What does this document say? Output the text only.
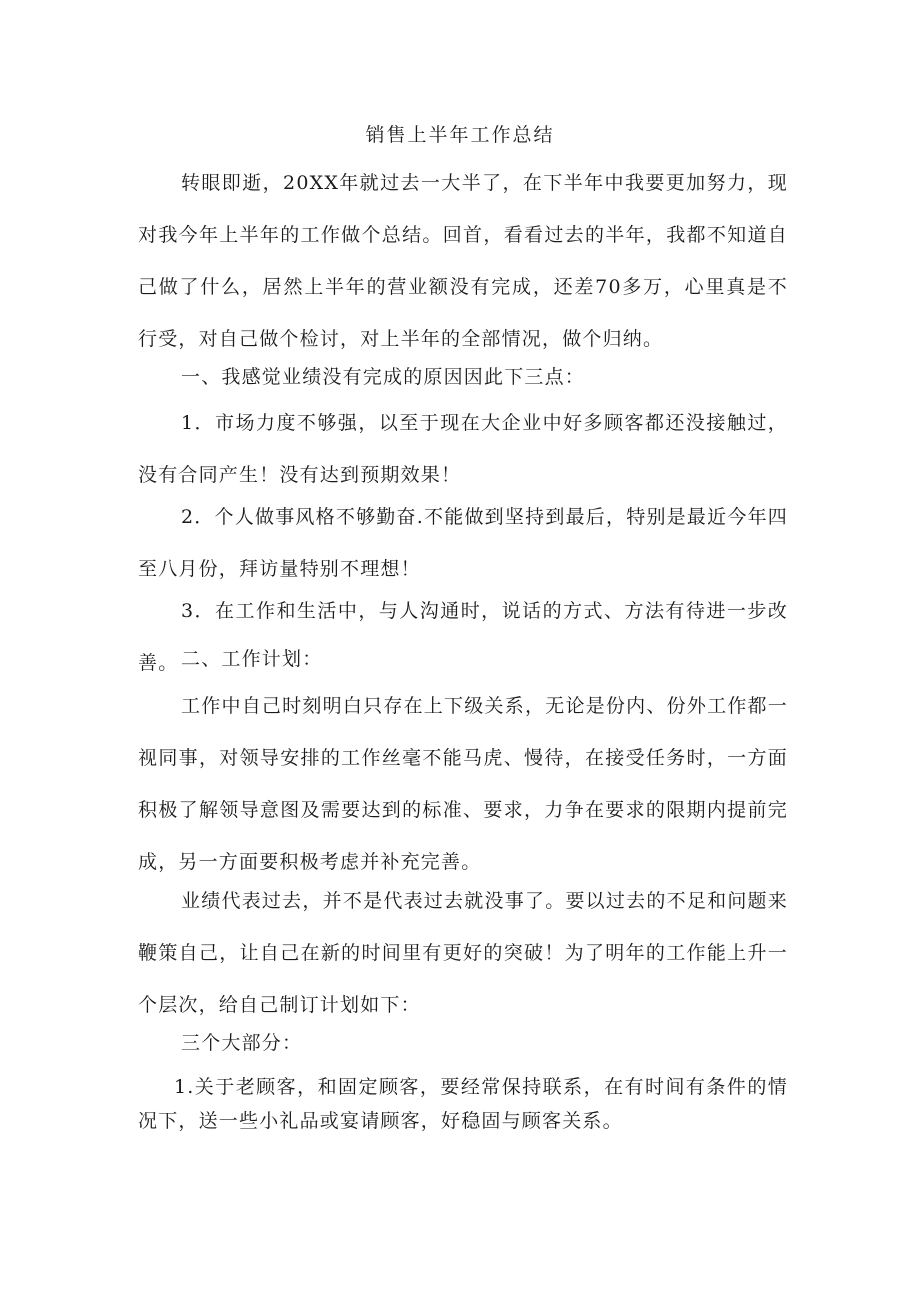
销售上半年工作总结

转眼即逝，20XX年就过去一大半了，在下半年中我要更加努力，现对我今年上半年的工作做个总结。回首，看看过去的半年，我都不知道自己做了什么，居然上半年的营业额没有完成，还差70多万，心里真是不行受，对自己做个检讨，对上半年的全部情况，做个归纳。

一、我感觉业绩没有完成的原因因此下三点：

1．市场力度不够强，以至于现在大企业中好多顾客都还没接触过，没有合同产生！没有达到预期效果！

2．个人做事风格不够勤奋.不能做到坚持到最后，特别是最近今年四至八月份，拜访量特别不理想！

3．在工作和生活中，与人沟通时，说话的方式、方法有待进一步改善。 二、工作计划：

工作中自己时刻明白只存在上下级关系，无论是份内、份外工作都一视同事，对领导安排的工作丝毫不能马虎、慢待，在接受任务时，一方面积极了解领导意图及需要达到的标准、要求，力争在要求的限期内提前完成，另一方面要积极考虑并补充完善。

业绩代表过去，并不是代表过去就没事了。要以过去的不足和问题来鞭策自己，让自己在新的时间里有更好的突破！为了明年的工作能上升一个层次，给自己制订计划如下：

三个大部分：

1.关于老顾客，和固定顾客，要经常保持联系，在有时间有条件的情况下，送一些小礼品或宴请顾客，好稳固与顾客关系。
